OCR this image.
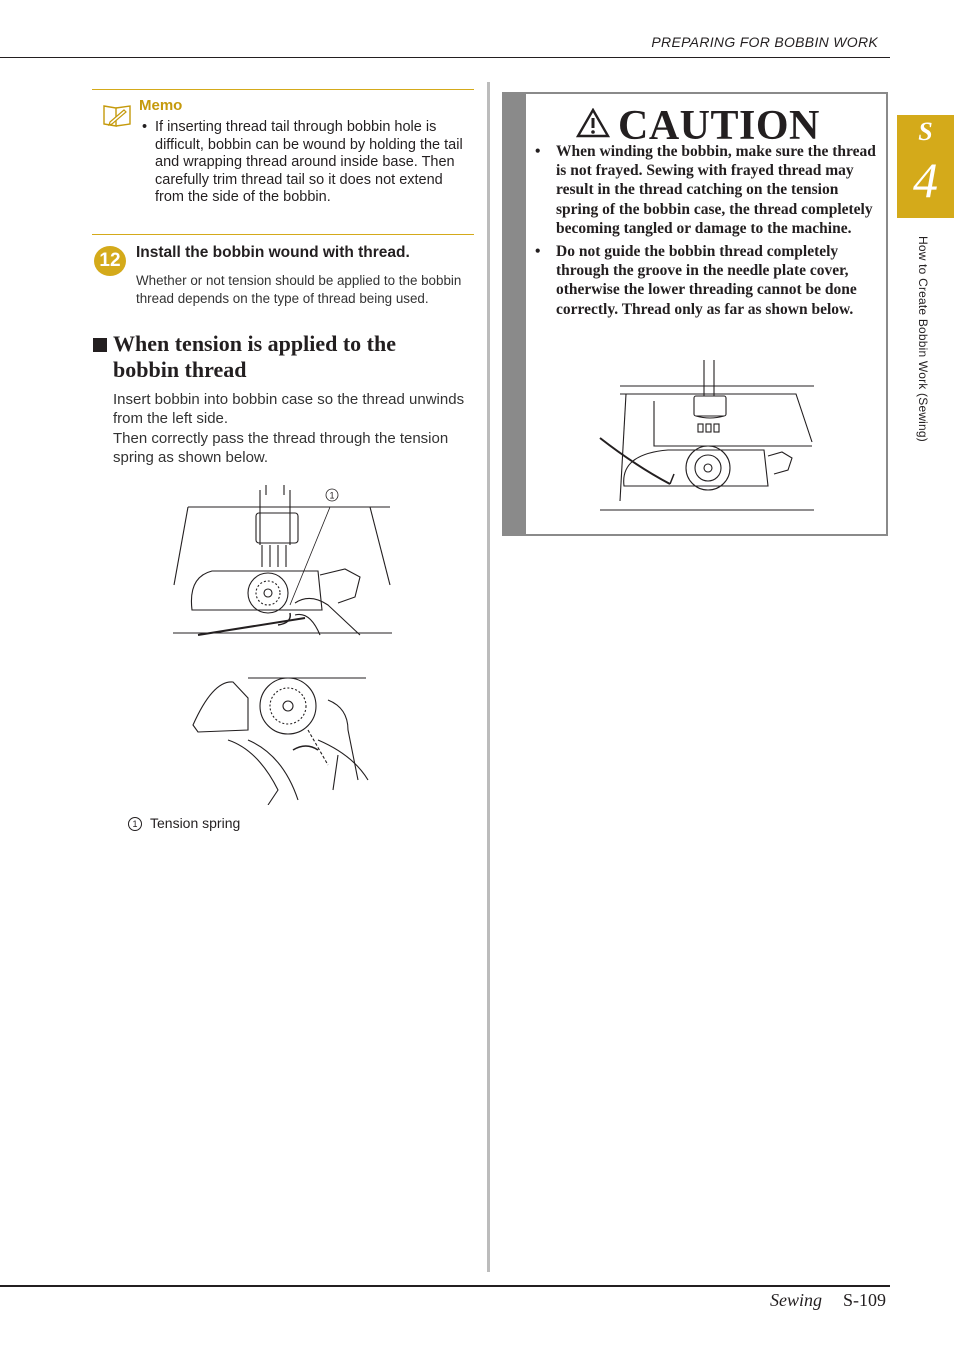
PREPARING FOR BOBBIN WORK
S
4
How to Create Bobbin Work (Sewing)
Memo
• If inserting thread tail through bobbin hole is difficult, bobbin can be wound by holding the tail and wrapping thread around inside base. Then carefully trim thread tail so it does not extend from the side of the bobbin.
12 Install the bobbin wound with thread.
Whether or not tension should be applied to the bobbin thread depends on the type of thread being used.
When tension is applied to the bobbin thread
Insert bobbin into bobbin case so the thread unwinds from the left side.
Then correctly pass the thread through the tension spring as shown below.
1
1 Tension spring
CAUTION
• When winding the bobbin, make sure the thread is not frayed. Sewing with frayed thread may result in the thread catching on the tension spring of the bobbin case, the thread completely becoming tangled or damage to the machine.
• Do not guide the bobbin thread completely through the groove in the needle plate cover, otherwise the lower threading cannot be done correctly. Thread only as far as shown below.
Sewing S-109
